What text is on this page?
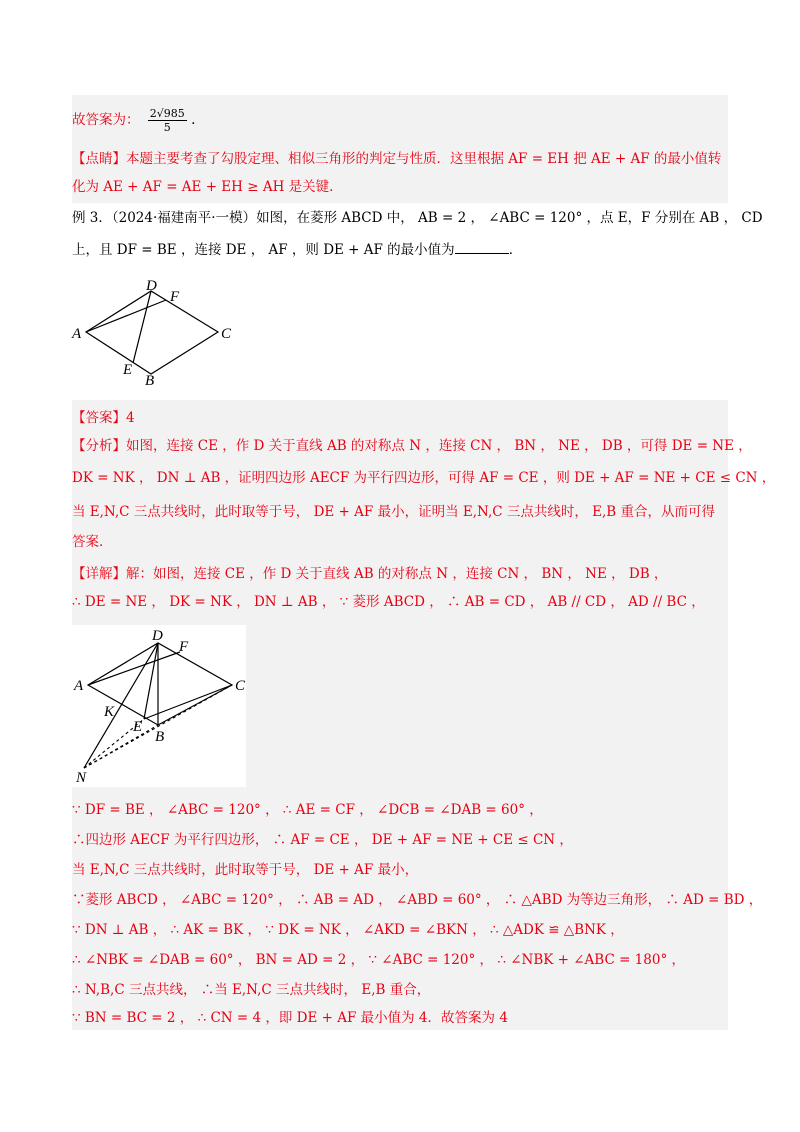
故答案为： $\frac{2√985}{5}$ .
【点睛】本题主要考查了勾股定理、相似三角形的判定与性质．这里根据 AF = EH 把 AE + AF 的最小值转
化为 AE + AF = AE + EH ≥ AH 是关键．
例 3．（2024·福建南平·一模）如图，在菱形 ABCD 中， AB = 2 ， ∠ABC = 120° ，点 E，F 分别在 AB ， CD
上，且 DF = BE ，连接 DE ， AF ，则 DE + AF 的最小值为	．
D
F
A	C
E
B
【答案】4
【分析】如图，连接 CE ，作 D 关于直线 AB 的对称点 N ，连接 CN ， BN ， NE ， DB ，可得 DE = NE ，
DK = NK ， DN ⊥ AB ，证明四边形 AECF 为平行四边形，可得 AF = CE ，则 DE + AF = NE + CE ≤ CN ，
当 E,N,C 三点共线时，此时取等于号， DE + AF 最小，证明当 E,N,C 三点共线时， E,B 重合，从而可得
答案．
【详解】解：如图，连接 CE ，作 D 关于直线 AB 的对称点 N ，连接 CN ， BN ， NE ， DB ，
∴ DE = NE ， DK = NK ， DN ⊥ AB ， ∵ 菱形 ABCD ， ∴ AB = CD ， AB // CD ， AD // BC ，
D
F
A	C
K
E
B
N
∵ DF = BE ， ∠ABC = 120° ， ∴ AE = CF ， ∠DCB = ∠DAB = 60° ，
∴四边形 AECF 为平行四边形， ∴ AF = CE ， DE + AF = NE + CE ≤ CN ，
当 E,N,C 三点共线时，此时取等于号， DE + AF 最小，
∵菱形 ABCD ， ∠ABC = 120° ， ∴ AB = AD ， ∠ABD = 60° ， ∴ △ABD 为等边三角形， ∴ AD = BD ，
∵ DN ⊥ AB ， ∴ AK = BK ， ∵ DK = NK ， ∠AKD = ∠BKN ， ∴ △ADK ≌ △BNK ，
∴ ∠NBK = ∠DAB = 60° ， BN = AD = 2 ， ∵ ∠ABC = 120° ， ∴ ∠NBK + ∠ABC = 180° ，
∴ N,B,C 三点共线， ∴当 E,N,C 三点共线时， E,B 重合，
∵ BN = BC = 2 ， ∴ CN = 4 ，即 DE + AF 最小值为 4．故答案为 4
